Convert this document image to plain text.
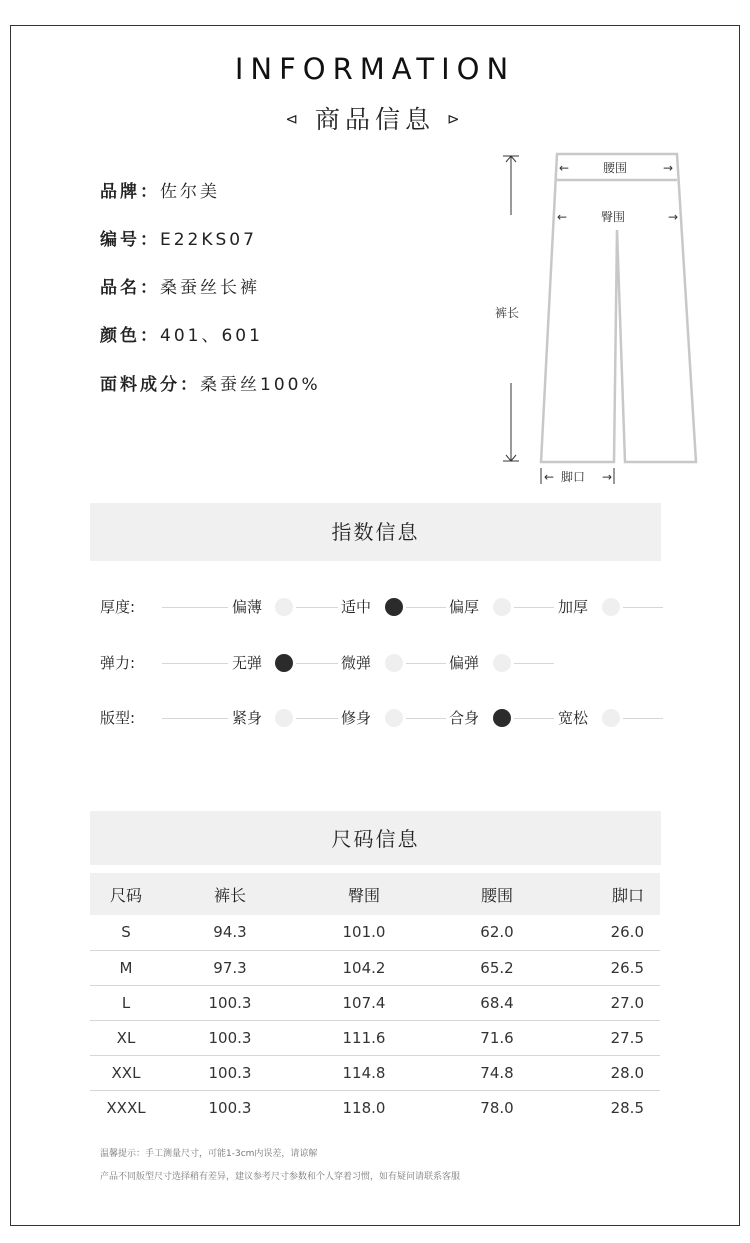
INFORMATION
⊲ 商品信息 ⊳
品牌：佐尔美
编号：E22KS07
品名：桑蚕丝长裤
颜色：401、601
面料成分：桑蚕丝100%
←	腰围	→
←	臀围	→
裤长
← 脚口 →
指数信息
厚度:	偏薄	适中	偏厚	加厚
弹力:	无弹	微弹	偏弹
版型:	紧身	修身	合身	宽松
尺码信息
尺码	裤长	臀围	腰围	脚口
S	94.3	101.0	62.0	26.0
M	97.3	104.2	65.2	26.5
L	100.3	107.4	68.4	27.0
XL	100.3	111.6	71.6	27.5
XXL	100.3	114.8	74.8	28.0
XXXL	100.3	118.0	78.0	28.5
温馨提示：手工测量尺寸，可能1-3cm内误差，请谅解
产品不同版型尺寸选择稍有差异，建议参考尺寸参数和个人穿着习惯，如有疑问请联系客服
